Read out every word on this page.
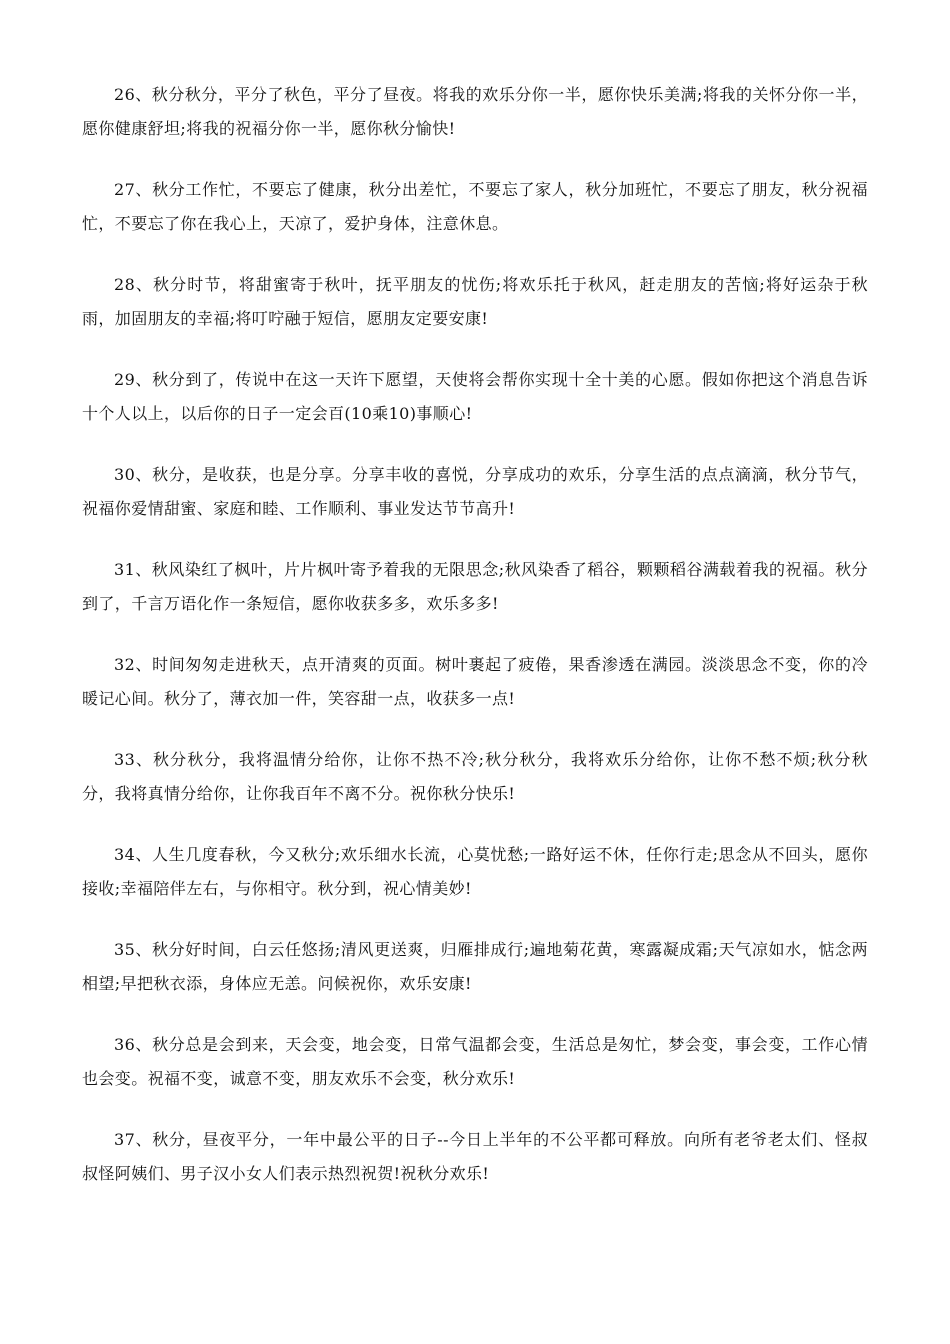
26、秋分秋分，平分了秋色，平分了昼夜。将我的欢乐分你一半，愿你快乐美满;将我的关怀分你一半，愿你健康舒坦;将我的祝福分你一半，愿你秋分愉快!

27、秋分工作忙，不要忘了健康，秋分出差忙，不要忘了家人，秋分加班忙，不要忘了朋友，秋分祝福忙，不要忘了你在我心上，天凉了，爱护身体，注意休息。

28、秋分时节，将甜蜜寄于秋叶，抚平朋友的忧伤;将欢乐托于秋风，赶走朋友的苦恼;将好运杂于秋雨，加固朋友的幸福;将叮咛融于短信，愿朋友定要安康!

29、秋分到了，传说中在这一天许下愿望，天使将会帮你实现十全十美的心愿。假如你把这个消息告诉十个人以上，以后你的日子一定会百(10乘10)事顺心!

30、秋分，是收获，也是分享。分享丰收的喜悦，分享成功的欢乐，分享生活的点点滴滴，秋分节气，祝福你爱情甜蜜、家庭和睦、工作顺利、事业发达节节高升!

31、秋风染红了枫叶，片片枫叶寄予着我的无限思念;秋风染香了稻谷，颗颗稻谷满载着我的祝福。秋分到了，千言万语化作一条短信，愿你收获多多，欢乐多多!

32、时间匆匆走进秋天，点开清爽的页面。树叶裹起了疲倦，果香渗透在满园。淡淡思念不变，你的冷暖记心间。秋分了，薄衣加一件，笑容甜一点，收获多一点!

33、秋分秋分，我将温情分给你，让你不热不冷;秋分秋分，我将欢乐分给你，让你不愁不烦;秋分秋分，我将真情分给你，让你我百年不离不分。祝你秋分快乐!

34、人生几度春秋，今又秋分;欢乐细水长流，心莫忧愁;一路好运不休，任你行走;思念从不回头，愿你接收;幸福陪伴左右，与你相守。秋分到，祝心情美妙!

35、秋分好时间，白云任悠扬;清风更送爽，归雁排成行;遍地菊花黄，寒露凝成霜;天气凉如水，惦念两相望;早把秋衣添，身体应无恙。问候祝你，欢乐安康!

36、秋分总是会到来，天会变，地会变，日常气温都会变，生活总是匆忙，梦会变，事会变，工作心情也会变。祝福不变，诚意不变，朋友欢乐不会变，秋分欢乐!

37、秋分，昼夜平分，一年中最公平的日子--今日上半年的不公平都可释放。向所有老爷老太们、怪叔叔怪阿姨们、男子汉小女人们表示热烈祝贺!祝秋分欢乐!
